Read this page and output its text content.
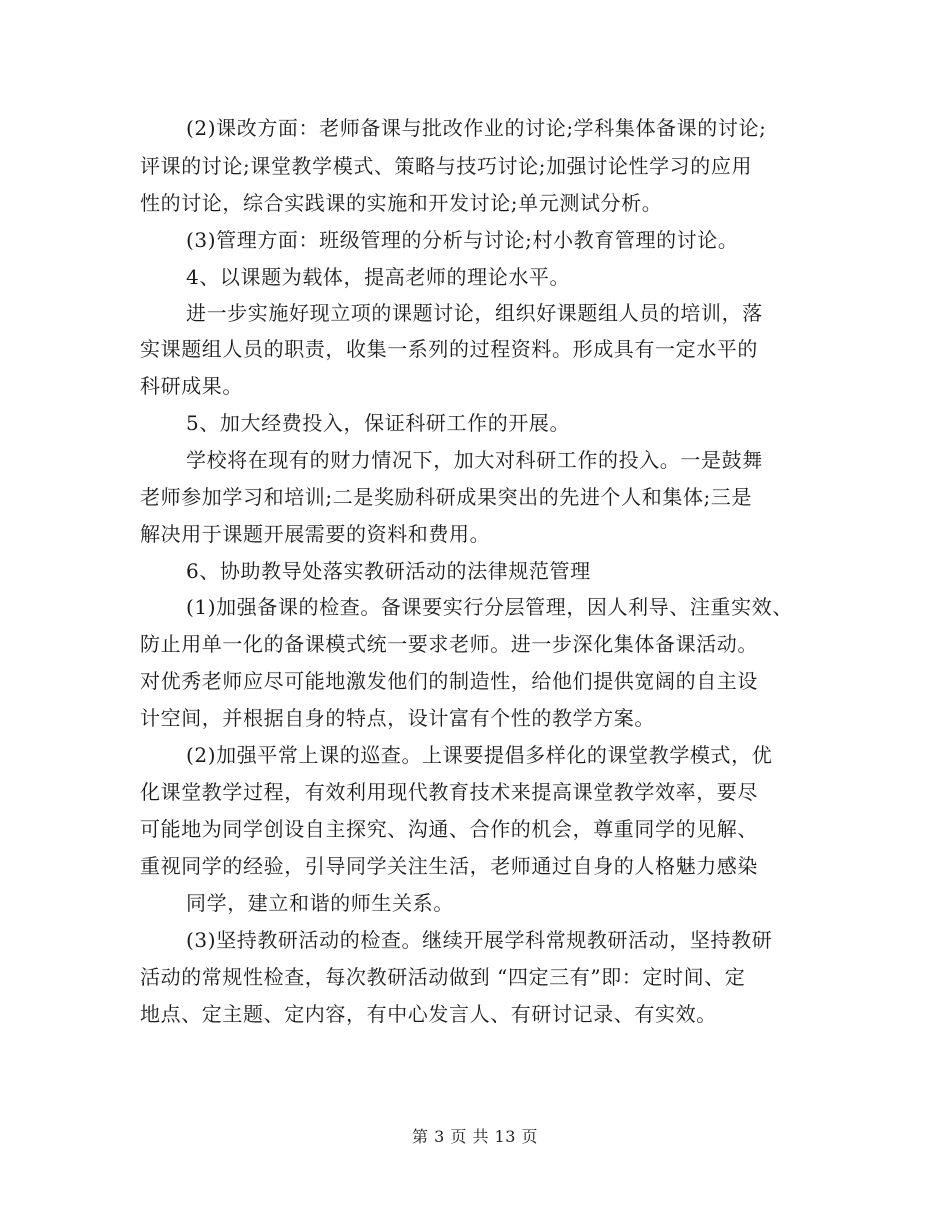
(2)课改方面：老师备课与批改作业的讨论;学科集体备课的讨论;
评课的讨论;课堂教学模式、策略与技巧讨论;加强讨论性学习的应用
性的讨论，综合实践课的实施和开发讨论;单元测试分析。
(3)管理方面：班级管理的分析与讨论;村小教育管理的讨论。
4、以课题为载体，提高老师的理论水平。
进一步实施好现立项的课题讨论，组织好课题组人员的培训，落
实课题组人员的职责，收集一系列的过程资料。形成具有一定水平的
科研成果。
5、加大经费投入，保证科研工作的开展。
学校将在现有的财力情况下，加大对科研工作的投入。一是鼓舞
老师参加学习和培训;二是奖励科研成果突出的先进个人和集体;三是
解决用于课题开展需要的资料和费用。
6、协助教导处落实教研活动的法律规范管理
(1)加强备课的检查。备课要实行分层管理，因人利导、注重实效、
防止用单一化的备课模式统一要求老师。进一步深化集体备课活动。
对优秀老师应尽可能地激发他们的制造性，给他们提供宽阔的自主设
计空间，并根据自身的特点，设计富有个性的教学方案。
(2)加强平常上课的巡查。上课要提倡多样化的课堂教学模式，优
化课堂教学过程，有效利用现代教育技术来提高课堂教学效率，要尽
可能地为同学创设自主探究、沟通、合作的机会，尊重同学的见解、
重视同学的经验，引导同学关注生活，老师通过自身的人格魅力感染
同学，建立和谐的师生关系。
(3)坚持教研活动的检查。继续开展学科常规教研活动，坚持教研
活动的常规性检查，每次教研活动做到 “四定三有”即：定时间、定
地点、定主题、定内容，有中心发言人、有研讨记录、有实效。
第 3 页 共 13 页
